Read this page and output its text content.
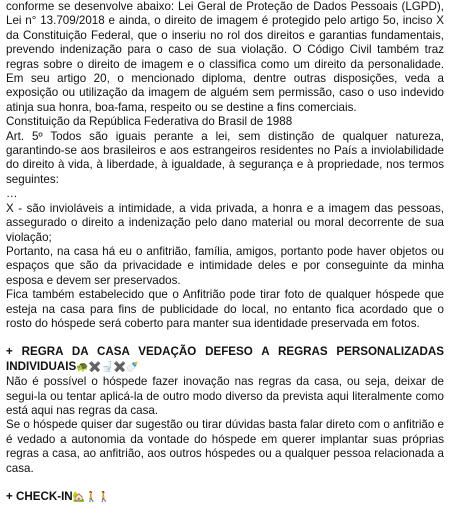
conforme se desenvolve abaixo: Lei Geral de Proteção de Dados Pessoais (LGPD), Lei n° 13.709/2018 e ainda, o direito de imagem é protegido pelo artigo 5o, inciso X da Constituição Federal, que o inseriu no rol dos direitos e garantias fundamentais, prevendo indenização para o caso de sua violação. O Código Civil também traz regras sobre o direito de imagem e o classifica como um direito da personalidade. Em seu artigo 20, o mencionado diploma, dentre outras disposições, veda a exposição ou utilização da imagem de alguém sem permissão, caso o uso indevido atinja sua honra, boa-fama, respeito ou se destine a fins comerciais.

Constituição da República Federativa do Brasil de 1988

Art. 5º Todos são iguais perante a lei, sem distinção de qualquer natureza, garantindo-se aos brasileiros e aos estrangeiros residentes no País a inviolabilidade do direito à vida, à liberdade, à igualdade, à segurança e à propriedade, nos termos seguintes:

…

X - são invioláveis a intimidade, a vida privada, a honra e a imagem das pessoas, assegurado o direito a indenização pelo dano material ou moral decorrente de sua violação;

Portanto, na casa há eu o anfitrião, família, amigos, portanto pode haver objetos ou espaços que são da privacidade e intimidade deles e por conseguinte da minha esposa e devem ser preservados.

Fica também estabelecido que o Anfitrião pode tirar foto de qualquer hóspede que esteja na casa para fins de publicidade do local, no entanto fica acordado que o rosto do hóspede será coberto para manter sua identidade preservada em fotos.

+ REGRA DA CASA VEDAÇÃO DEFESO A REGRAS PERSONALIZADAS INDIVIDUAIS🐢✖️🚽✖️🍼

Não é possível o hóspede fazer inovação nas regras da casa, ou seja, deixar de segui-la ou tentar aplicá-la de outro modo diverso da prevista aqui literalmente como está aqui nas regras da casa.

Se o hóspede quiser dar sugestão ou tirar dúvidas basta falar direto com o anfitrião e é vedado a autonomia da vontade do hóspede em querer implantar suas próprias regras a casa, ao anfitrião, aos outros hóspedes ou a qualquer pessoa relacionada a casa.

+ CHECK-IN🏡🚶🚶
